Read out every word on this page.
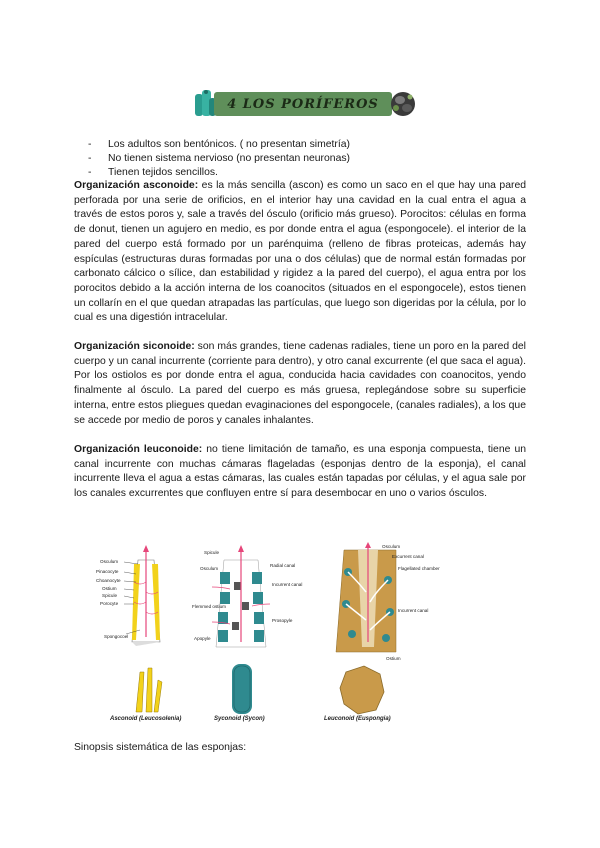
4 LOS PORÍFEROS
- Los adultos son bentónicos. ( no presentan simetría)
- No tienen sistema nervioso (no presentan neuronas)
- Tienen tejidos sencillos.

Organización asconoide: es la más sencilla (ascon) es como un saco en el que hay una pared perforada por una serie de orificios, en el interior hay una cavidad en la cual entra el agua a través de estos poros y, sale a través del ósculo (orificio más grueso). Porocitos: células en forma de donut, tienen un agujero en medio, es por donde entra el agua (espongocele). el interior de la pared del cuerpo está formado por un parénquima (relleno de fibras proteicas, además hay espículas (estructuras duras formadas por una o dos células) que de normal están formadas por carbonato cálcico o sílice, dan estabilidad y rigidez a la pared del cuerpo), el agua entra por los porocitos debido a la acción interna de los coanocitos (situados en el espongocele), estos tienen un collarín en el que quedan atrapadas las partículas, que luego son digeridas por la célula, por lo cual es una digestión intracelular.

Organización siconoide: son más grandes, tiene cadenas radiales, tiene un poro en la pared del cuerpo y un canal incurrente (corriente para dentro), y otro canal excurrente (el que saca el agua). Por los ostiolos es por donde entra el agua, conducida hacia cavidades con coanocitos, yendo finalmente al ósculo. La pared del cuerpo es más gruesa, replegándose sobre su superficie interna, entre estos pliegues quedan evaginaciones del espongocele, (canales radiales), a los que se accede por medio de poros y canales inhalantes.

Organización leuconoide: no tiene limitación de tamaño, es una esponja compuesta, tiene un canal incurrente con muchas cámaras flageladas (esponjas dentro de la esponja), el canal incurrente lleva el agua a estas cámaras, las cuales están tapadas por células, y el agua sale por los canales excurrentes que confluyen entre sí para desembocar en uno o varios ósculos.

Osculum
Pinacocyte
Choanocyte
Ostium
Spicule
Porocyte
Spongocoel
Spicule
Osculum
Radial canal
Incurrent canal
Prosopyle
Flemmed ostium
Apopyle
Osculum
Excurrent canal
Flagellated chamber
Incurrent canal
Ostium
Asconoid (Leucosolenia)	Syconoid (Sycon)	Leuconoid (Euspongia)
Sinopsis sistemática de las esponjas:
